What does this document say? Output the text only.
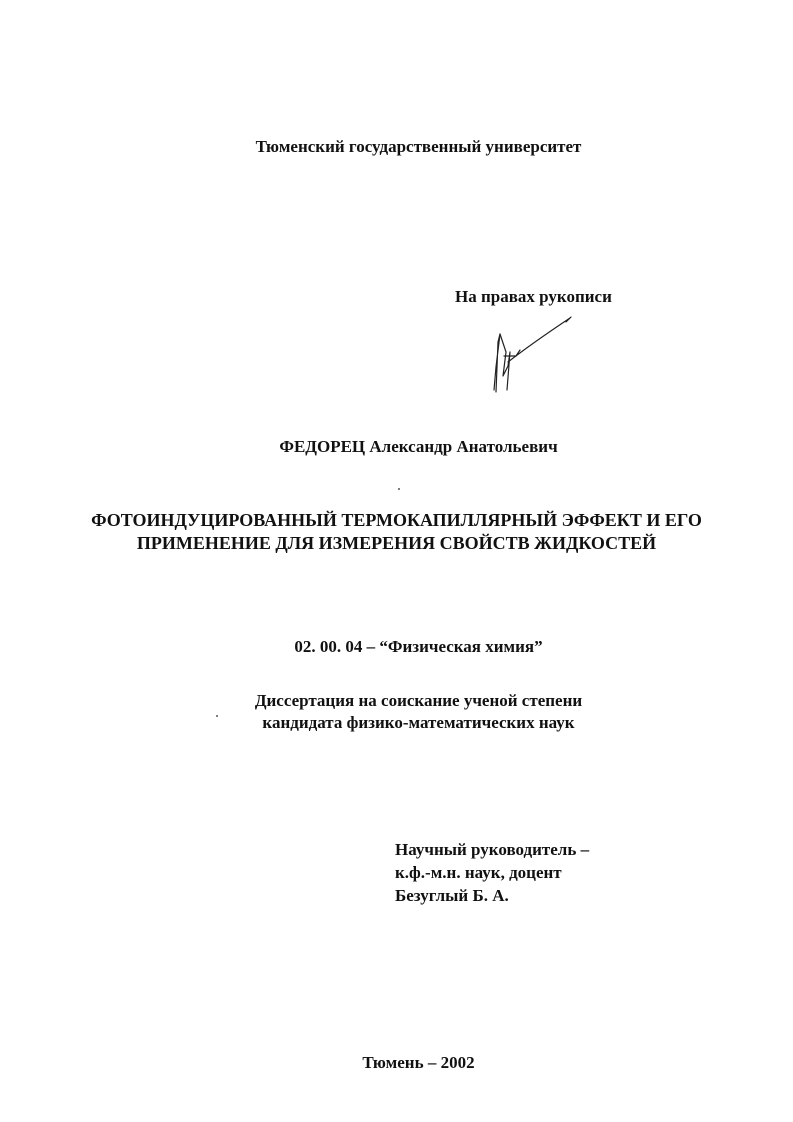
Тюменский государственный университет
На правах рукописи
ФЕДОРЕЦ Александр Анатольевич
ФОТОИНДУЦИРОВАННЫЙ ТЕРМОКАПИЛЛЯРНЫЙ ЭФФЕКТ И ЕГО
ПРИМЕНЕНИЕ ДЛЯ ИЗМЕРЕНИЯ СВОЙСТВ ЖИДКОСТЕЙ
02. 00. 04 – “Физическая химия”
Диссертация на соискание ученой степени
кандидата физико-математических наук
Научный руководитель –
к.ф.-м.н. наук, доцент
Безуглый Б. А.
Тюмень – 2002
